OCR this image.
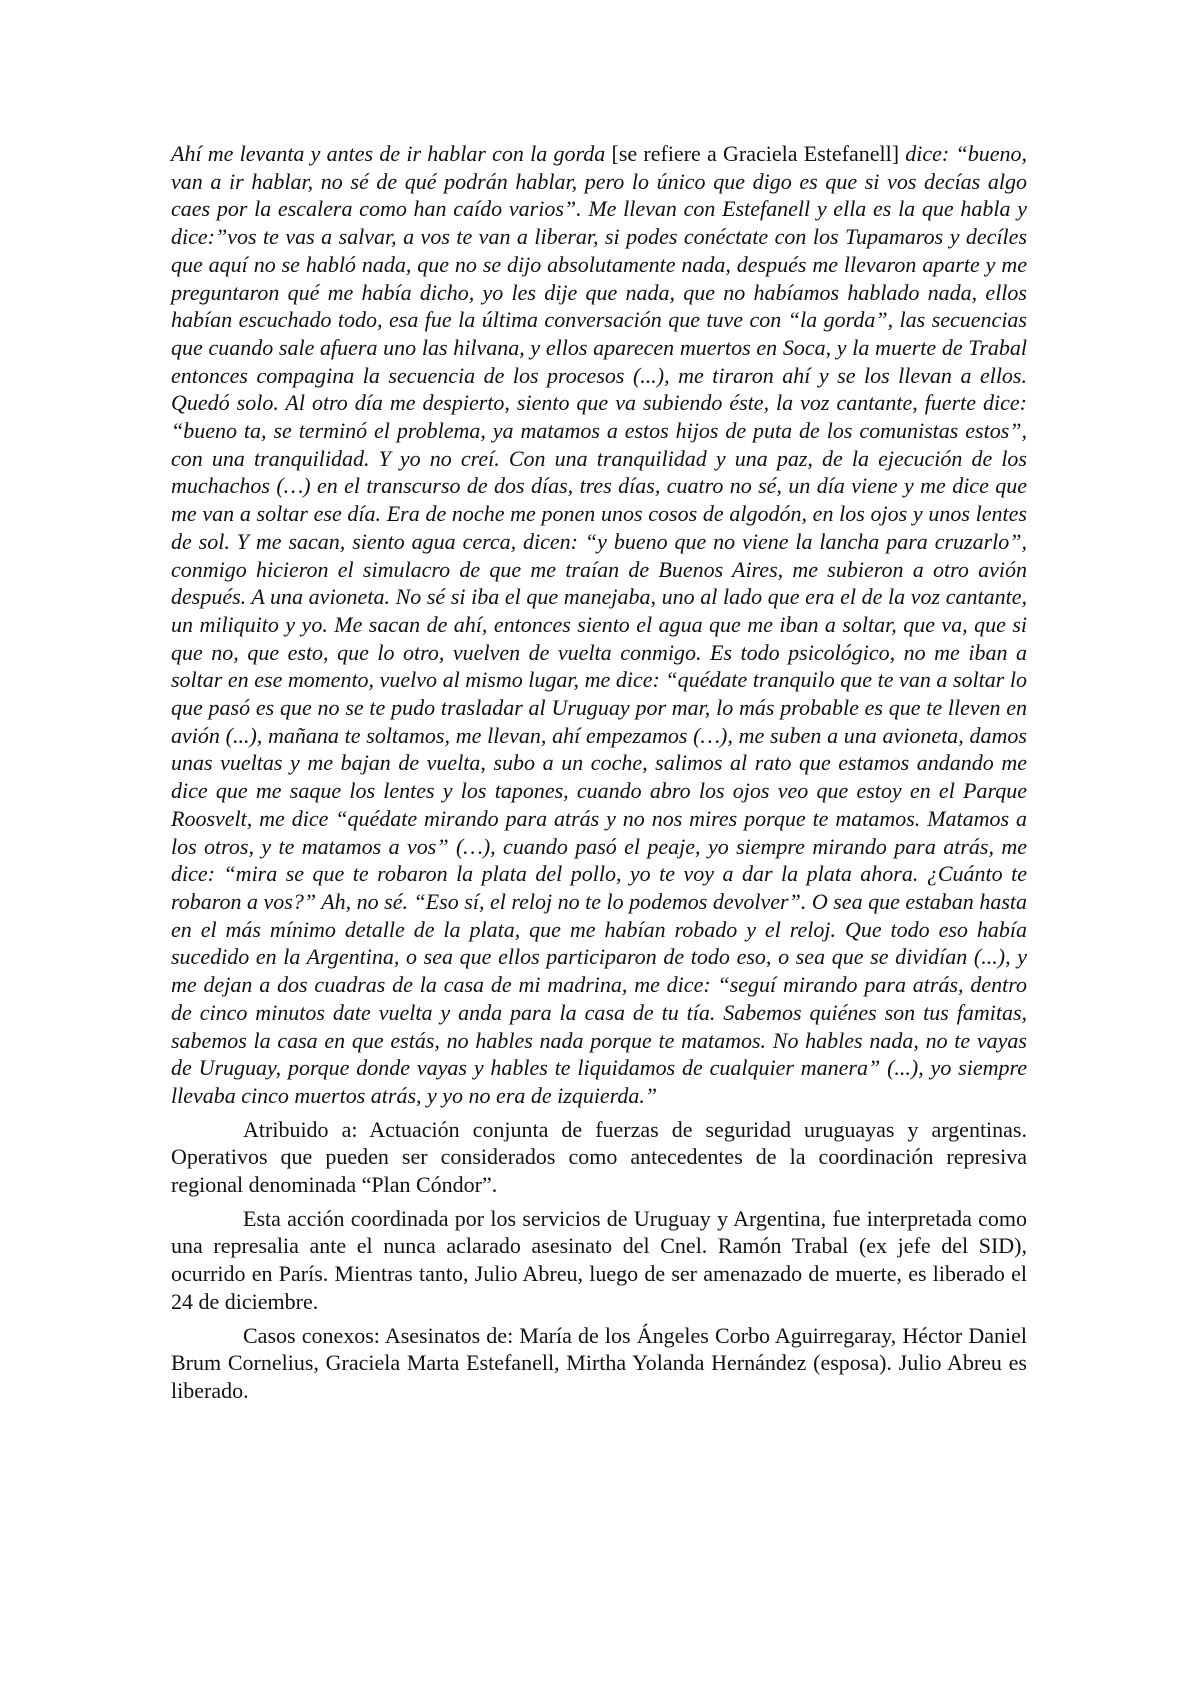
Ahí me levanta y antes de ir hablar con la gorda [se refiere a Graciela Estefanell] dice: “bueno, van a ir hablar, no sé de qué podrán hablar, pero lo único que digo es que si vos decías algo caes por la escalera como han caído varios”. Me llevan con Estefanell y ella es la que habla y dice:”vos te vas a salvar, a vos te van a liberar, si podes conéctate con los Tupamaros y decíles que aquí no se habló nada, que no se dijo absolutamente nada, después me llevaron aparte y me preguntaron qué me había dicho, yo les dije que nada, que no habíamos hablado nada, ellos habían escuchado todo, esa fue la última conversación que tuve con “la gorda”, las secuencias que cuando sale afuera uno las hilvana, y ellos aparecen muertos en Soca, y la muerte de Trabal entonces compagina la secuencia de los procesos (...), me tiraron ahí y se los llevan a ellos. Quedó solo. Al otro día me despierto, siento que va subiendo éste, la voz cantante, fuerte dice: “bueno ta, se terminó el problema, ya matamos a estos hijos de puta de los comunistas estos”, con una tranquilidad. Y yo no creí. Con una tranquilidad y una paz, de la ejecución de los muchachos (…) en el transcurso de dos días, tres días, cuatro no sé, un día viene y me dice que me van a soltar ese día. Era de noche me ponen unos cosos de algodón, en los ojos y unos lentes de sol. Y me sacan, siento agua cerca, dicen: “y bueno que no viene la lancha para cruzarlo”, conmigo hicieron el simulacro de que me traían de Buenos Aires, me subieron a otro avión después. A una avioneta. No sé si iba el que manejaba, uno al lado que era el de la voz cantante, un miliquito y yo. Me sacan de ahí, entonces siento el agua que me iban a soltar, que va, que si que no, que esto, que lo otro, vuelven de vuelta conmigo. Es todo psicológico, no me iban a soltar en ese momento, vuelvo al mismo lugar, me dice: “quédate tranquilo que te van a soltar lo que pasó es que no se te pudo trasladar al Uruguay por mar, lo más probable es que te lleven en avión (...), mañana te soltamos, me llevan, ahí empezamos (…), me suben a una avioneta, damos unas vueltas y me bajan de vuelta, subo a un coche, salimos al rato que estamos andando me dice que me saque los lentes y los tapones, cuando abro los ojos veo que estoy en el Parque Roosvelt, me dice “quédate mirando para atrás y no nos mires porque te matamos. Matamos a los otros, y te matamos a vos” (…), cuando pasó el peaje, yo siempre mirando para atrás, me dice: “mira se que te robaron la plata del pollo, yo te voy a dar la plata ahora. ¿Cuánto te robaron a vos?” Ah, no sé. “Eso sí, el reloj no te lo podemos devolver”. O sea que estaban hasta en el más mínimo detalle de la plata, que me habían robado y el reloj. Que todo eso había sucedido en la Argentina, o sea que ellos participaron de todo eso, o sea que se dividían (...), y me dejan a dos cuadras de la casa de mi madrina, me dice: “seguí mirando para atrás, dentro de cinco minutos date vuelta y anda para la casa de tu tía. Sabemos quiénes son tus famitas, sabemos la casa en que estás, no hables nada porque te matamos. No hables nada, no te vayas de Uruguay, porque donde vayas y hables te liquidamos de cualquier manera” (...), yo siempre llevaba cinco muertos atrás, y yo no era de izquierda.”

Atribuido a: Actuación conjunta de fuerzas de seguridad uruguayas y argentinas. Operativos que pueden ser considerados como antecedentes de la coordinación represiva regional denominada “Plan Cóndor”.

Esta acción coordinada por los servicios de Uruguay y Argentina, fue interpretada como una represalia ante el nunca aclarado asesinato del Cnel. Ramón Trabal (ex jefe del SID), ocurrido en París. Mientras tanto, Julio Abreu, luego de ser amenazado de muerte, es liberado el 24 de diciembre.

Casos conexos: Asesinatos de: María de los Ángeles Corbo Aguirregaray, Héctor Daniel Brum Cornelius, Graciela Marta Estefanell, Mirtha Yolanda Hernández (esposa). Julio Abreu es liberado.
